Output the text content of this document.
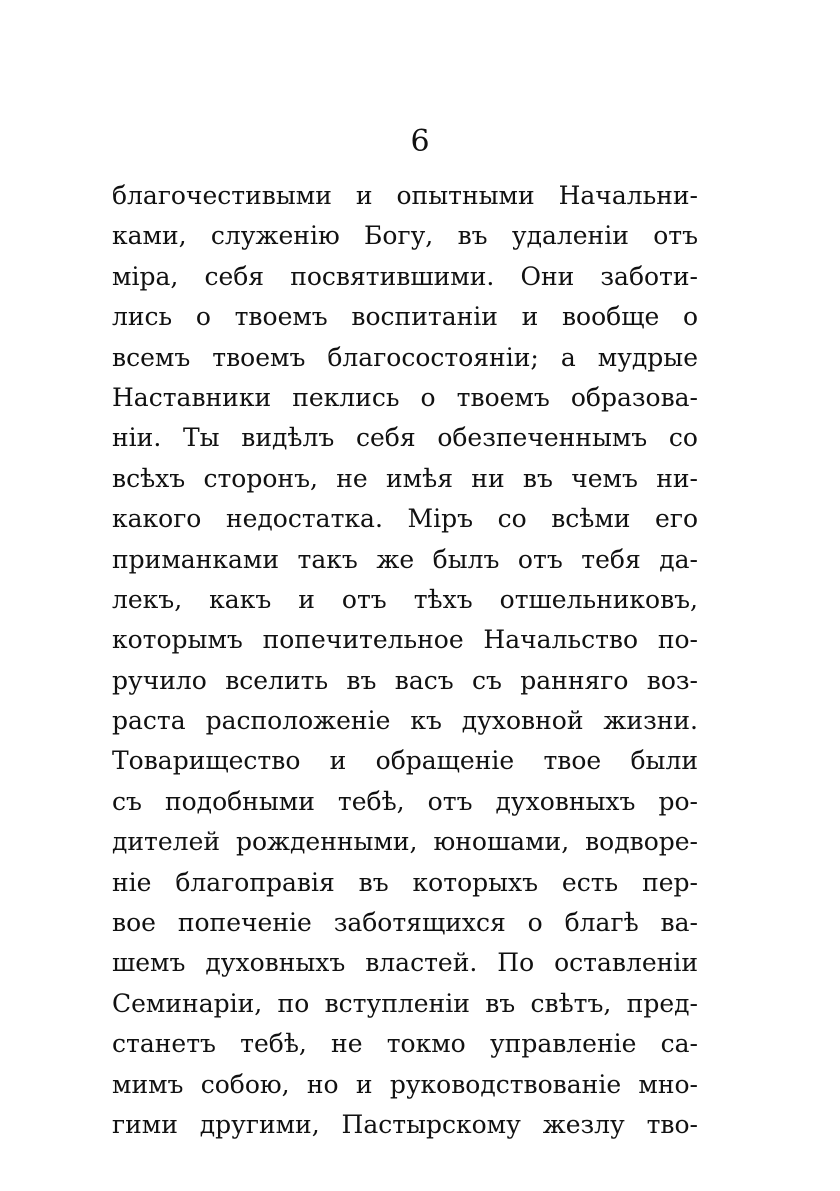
6
благочестивыми и опытными Начальни-
ками, служенію Богу, въ удаленіи отъ
міра, себя посвятившими. Они заботи-
лись о твоемъ воспитаніи и вообще о
всемъ твоемъ благосостояніи; а мудрые
Наставники пеклись о твоемъ образова-
ніи. Ты видѣлъ себя обезпеченнымъ со
всѣхъ сторонъ, не имѣя ни въ чемъ ни-
какого недостатка. Міръ со всѣми его
приманками такъ же былъ отъ тебя да-
лекъ, какъ и отъ тѣхъ отшельниковъ,
которымъ попечительное Начальство по-
ручило вселить въ васъ съ ранняго воз-
раста расположеніе къ духовной жизни.
Товарищество и обращеніе твое были
съ подобными тебѣ, отъ духовныхъ ро-
дителей рожденными, юношами, водворе-
ніе благоправія въ которыхъ есть пер-
вое попеченіе заботящихся о благѣ ва-
шемъ духовныхъ властей. По оставленіи
Семинаріи, по вступленіи въ свѣтъ, пред-
станетъ тебѣ, не токмо управленіе са-
мимъ собою, но и руководствованіе мно-
гими другими, Пастырскому жезлу тво-
